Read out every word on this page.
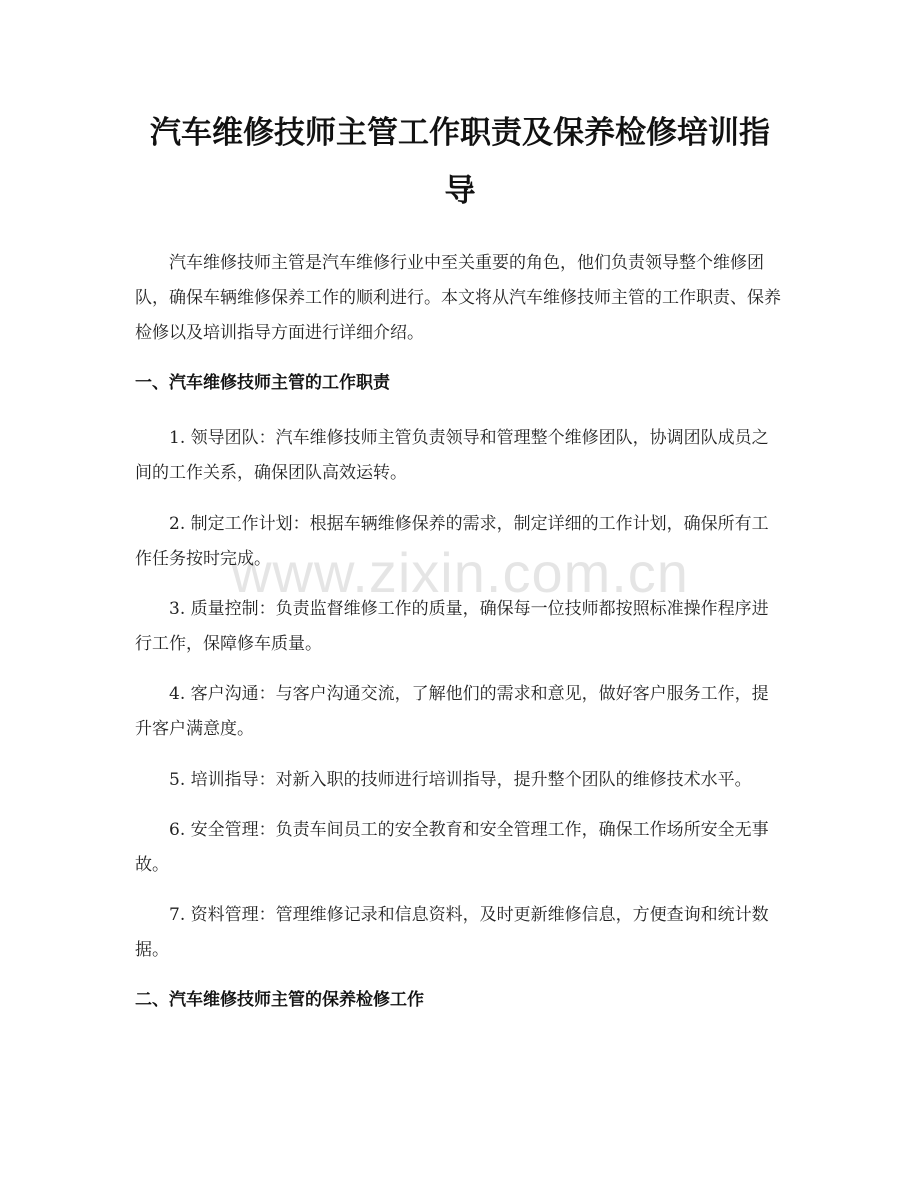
汽车维修技师主管工作职责及保养检修培训指导

汽车维修技师主管是汽车维修行业中至关重要的角色，他们负责领导整个维修团队，确保车辆维修保养工作的顺利进行。本文将从汽车维修技师主管的工作职责、保养检修以及培训指导方面进行详细介绍。

一、汽车维修技师主管的工作职责

1. 领导团队：汽车维修技师主管负责领导和管理整个维修团队，协调团队成员之间的工作关系，确保团队高效运转。

2. 制定工作计划：根据车辆维修保养的需求，制定详细的工作计划，确保所有工作任务按时完成。

3. 质量控制：负责监督维修工作的质量，确保每一位技师都按照标准操作程序进行工作，保障修车质量。

4. 客户沟通：与客户沟通交流，了解他们的需求和意见，做好客户服务工作，提升客户满意度。

5. 培训指导：对新入职的技师进行培训指导，提升整个团队的维修技术水平。

6. 安全管理：负责车间员工的安全教育和安全管理工作，确保工作场所安全无事故。

7. 资料管理：管理维修记录和信息资料，及时更新维修信息，方便查询和统计数据。

二、汽车维修技师主管的保养检修工作
www.zixin.com.cn
